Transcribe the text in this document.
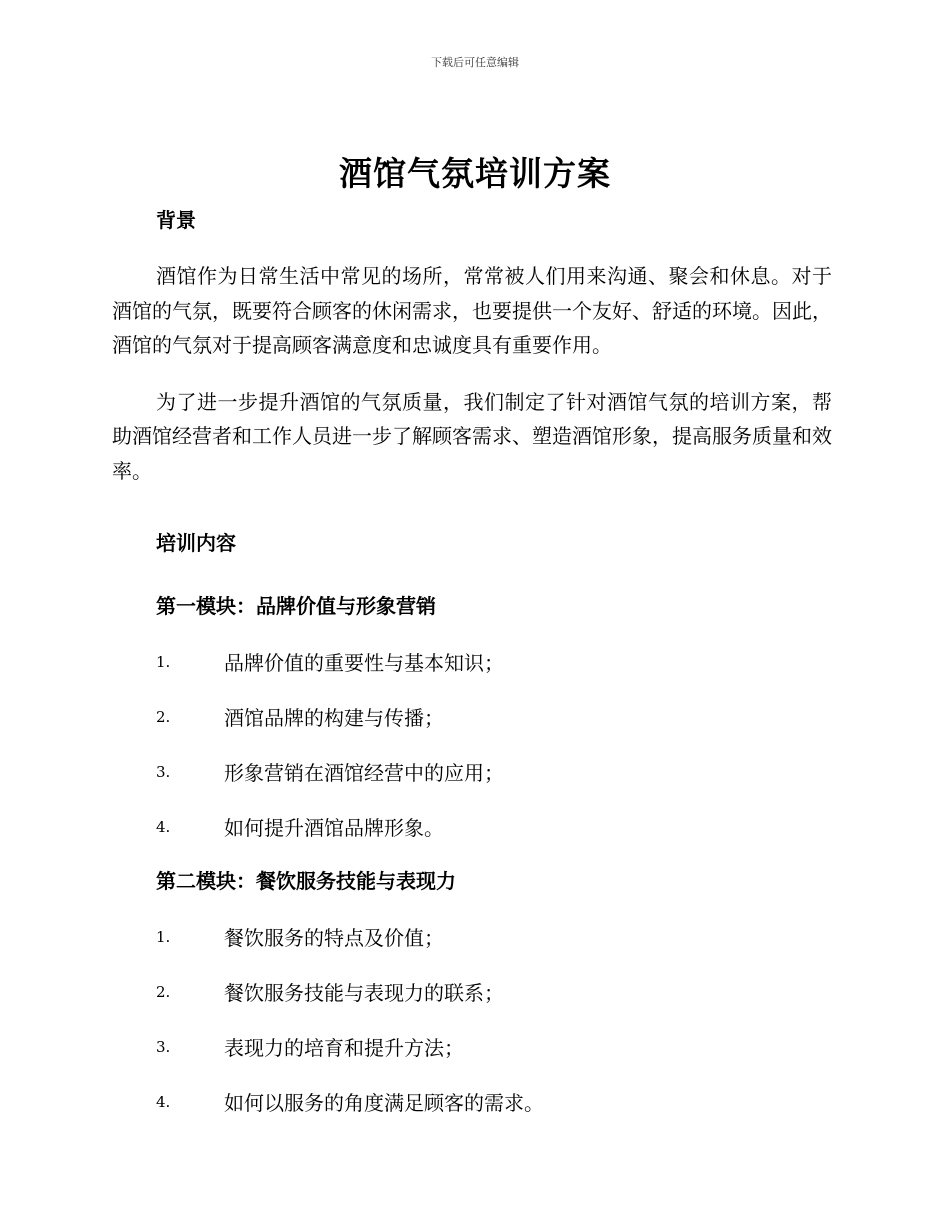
下载后可任意编辑
酒馆气氛培训方案
背景

酒馆作为日常生活中常见的场所，常常被人们用来沟通、聚会和休息。对于酒馆的气氛，既要符合顾客的休闲需求，也要提供一个友好、舒适的环境。因此，酒馆的气氛对于提高顾客满意度和忠诚度具有重要作用。

为了进一步提升酒馆的气氛质量，我们制定了针对酒馆气氛的培训方案，帮助酒馆经营者和工作人员进一步了解顾客需求、塑造酒馆形象，提高服务质量和效率。

培训内容
第一模块：品牌价值与形象营销
1.	品牌价值的重要性与基本知识；
2.	酒馆品牌的构建与传播；
3.	形象营销在酒馆经营中的应用；
4.	如何提升酒馆品牌形象。
第二模块：餐饮服务技能与表现力
1.	餐饮服务的特点及价值；
2.	餐饮服务技能与表现力的联系；
3.	表现力的培育和提升方法；
4.	如何以服务的角度满足顾客的需求。
